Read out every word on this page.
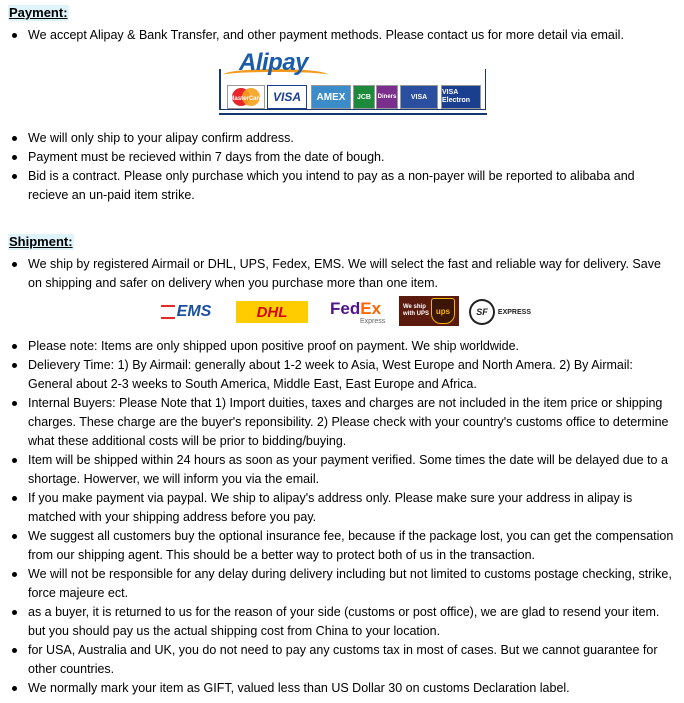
Payment:
We accept Alipay & Bank Transfer, and other payment methods. Please contact us for more detail via email.
Alipay
MasterCard VISA	AMEX	JCB	Diners	VISA
VISA Electron
We will only ship to your alipay confirm address.
Payment must be recieved within 7 days from the date of bough.
Bid is a contract. Please only purchase which you intend to pay as a non-payer will be reported to alibaba and recieve an un-paid item strike.
Shipment:
We ship by registered Airmail or DHL, UPS, Fedex, EMS. We will select the fast and reliable way for delivery. Save on shipping and safer on delivery when you purchase more than one item.
EMS	DHL	FedEx
Express
We ship with UPS ups	SF	EXPRESS
Please note: Items are only shipped upon positive proof on payment. We ship worldwide.
Delievery Time: 1) By Airmail: generally about 1-2 week to Asia, West Europe and North Amera. 2) By Airmail: General about 2-3 weeks to South America, Middle East, East Europe and Africa.
Internal Buyers: Please Note that 1) Import duities, taxes and charges are not included in the item price or shipping charges. These charge are the buyer's reponsibility. 2) Please check with your country's customs office to determine what these additional costs will be prior to bidding/buying.
Item will be shipped within 24 hours as soon as your payment verified. Some times the date will be delayed due to a shortage. Howerver, we will inform you via the email.
If you make payment via paypal. We ship to alipay's address only. Please make sure your address in alipay is matched with your shipping address before you pay.
We suggest all customers buy the optional insurance fee, because if the package lost, you can get the compensation from our shipping agent. This should be a better way to protect both of us in the transaction.
We will not be responsible for any delay during delivery including but not limited to customs postage checking, strike, force majeure ect.
as a buyer, it is returned to us for the reason of your side (customs or post office), we are glad to resend your item. but you should pay us the actual shipping cost from China to your location.
for USA, Australia and UK, you do not need to pay any customs tax in most of cases. But we cannot guarantee for other countries.
We normally mark your item as GIFT, valued less than US Dollar 30 on customs Declaration label.
